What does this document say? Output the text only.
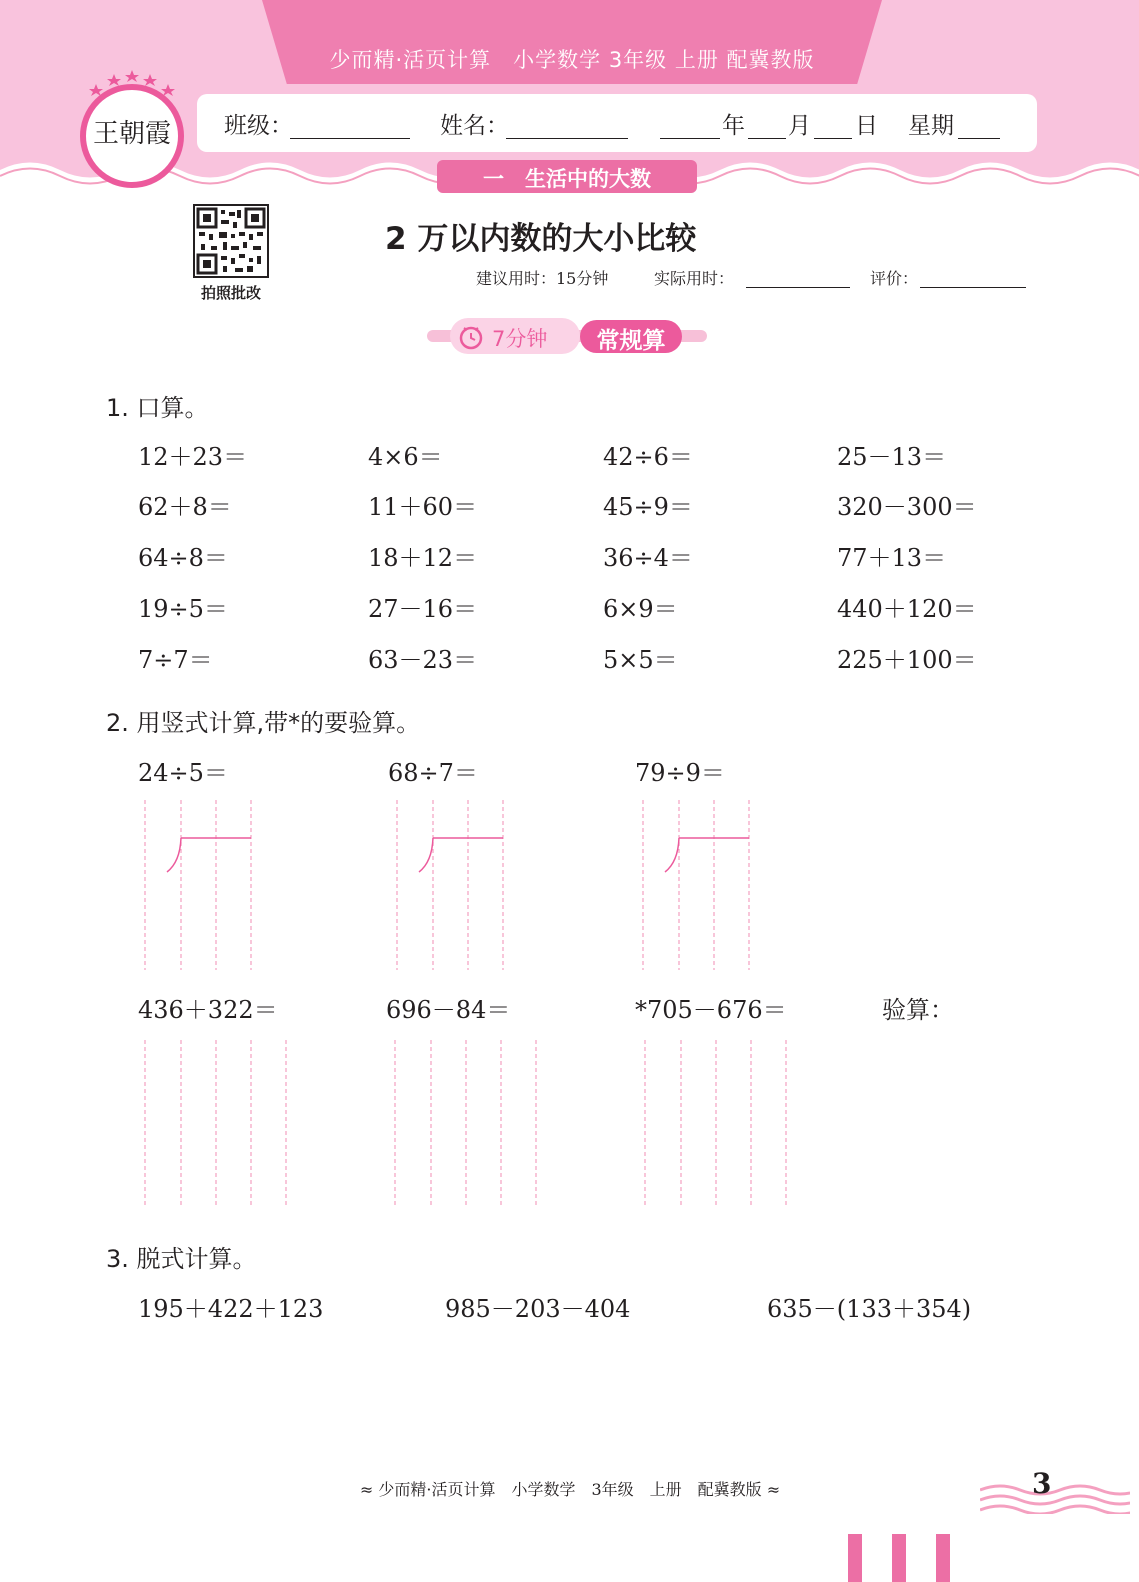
少而精·活页计算　小学数学 3年级 上册 配冀教版
班级：	姓名：	年 月 日 星期
王朝霞
一　生活中的大数
拍照批改
2 万以内数的大小比较
建议用时：15分钟	实际用时：	评价：
7分钟	常规算
1. 口算。
12＋23＝	4×6＝	42÷6＝	25－13＝
62＋8＝	11＋60＝	45÷9＝	320－300＝
64÷8＝	18＋12＝	36÷4＝	77＋13＝
19÷5＝	27－16＝	6×9＝	440＋120＝
7÷7＝	63－23＝	5×5＝	225＋100＝
2. 用竖式计算,带*的要验算。
24÷5＝	68÷7＝	79÷9＝
436＋322＝	696－84＝	*705－676＝	验算：
3. 脱式计算。
195＋422＋123	985－203－404	635－(133＋354)
≈ 少而精·活页计算　小学数学　3年级　上册　配冀教版 ≈	3
